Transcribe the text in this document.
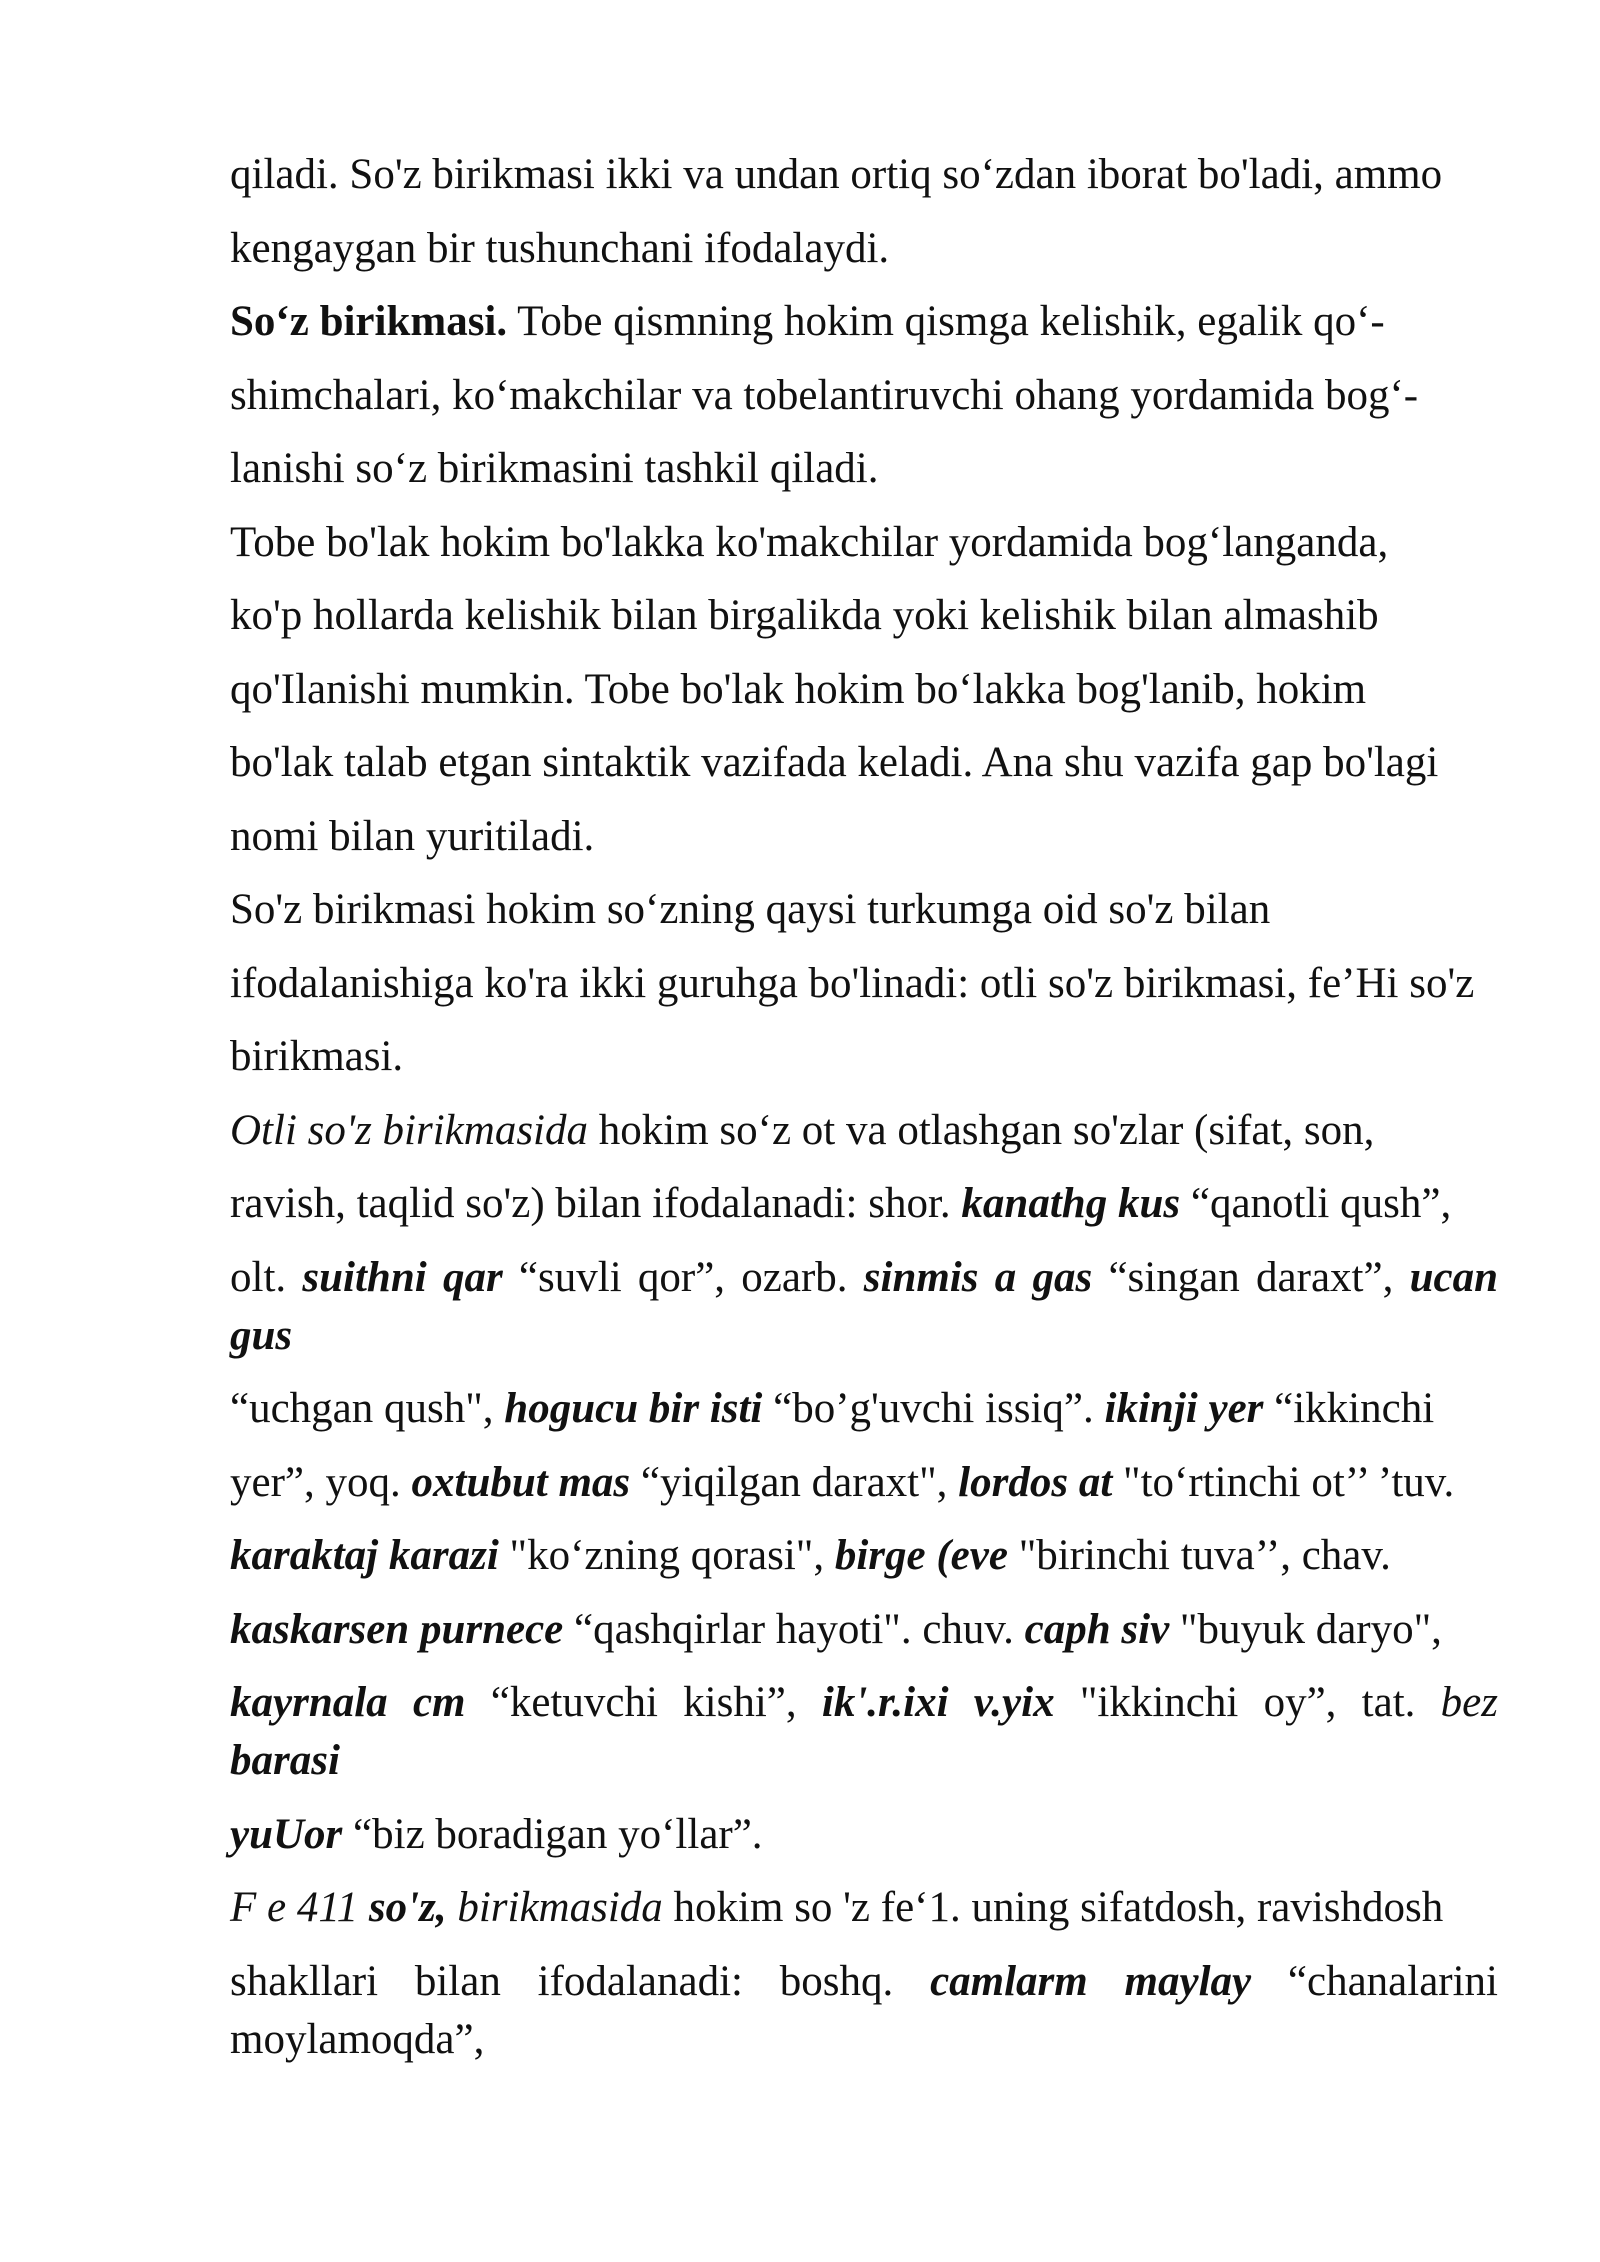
qiladi. So'z birikmasi ikki va undan ortiq so‘zdan iborat bo'ladi, ammo
kengaygan bir tushunchani ifodalaydi.
So‘z birikmasi. Tobe qismning hokim qismga kelishik, egalik qo‘-
shimchalari, ko‘makchilar va tobelantiruvchi ohang yordamida bog‘-
lanishi so‘z birikmasini tashkil qiladi.
Tobe bo'lak hokim bo'lakka ko'makchilar yordamida bog‘langanda,
ko'p hollarda kelishik bilan birgalikda yoki kelishik bilan almashib
qo'Ilanishi mumkin. Tobe bo'lak hokim bo‘lakka bog'lanib, hokim
bo'lak talab etgan sintaktik vazifada keladi. Ana shu vazifa gap bo'lagi
nomi bilan yuritiladi.
So'z birikmasi hokim so‘zning qaysi turkumga oid so'z bilan
ifodalanishiga ko'ra ikki guruhga bo'linadi: otli so'z birikmasi, fe’Hi so'z
birikmasi.
Otli so'z birikmasida hokim so‘z ot va otlashgan so'zlar (sifat, son,
ravish, taqlid so'z) bilan ifodalanadi: shor. kanathg kus “qanotli qush”,
olt. suithni qar “suvli qor”, ozarb. sinmis a gas “singan daraxt”, ucan
gus
“uchgan qush", hogucu bir isti “bo’g'uvchi issiq”. ikinji yer “ikkinchi
yer”, yoq. oxtubut mas “yiqilgan daraxt", lordos at "to‘rtinchi ot’’ ’tuv.
karaktaj karazi "ko‘zning qorasi", birge (eve "birinchi tuva’’, chav.
kaskarsen purnece “qashqirlar hayoti". chuv. caph siv "buyuk daryo",
kayrnala cm “ketuvchi kishi”, ik'.r.ixi v.yix "ikkinchi oy”, tat. bez
barasi
yuUor “biz boradigan yo‘llar”.
F e 411 so'z, birikmasida hokim so 'z fe‘1. uning sifatdosh, ravishdosh
shakllari bilan ifodalanadi: boshq. camlarm maylay “chanalarini
moylamoqda”,
